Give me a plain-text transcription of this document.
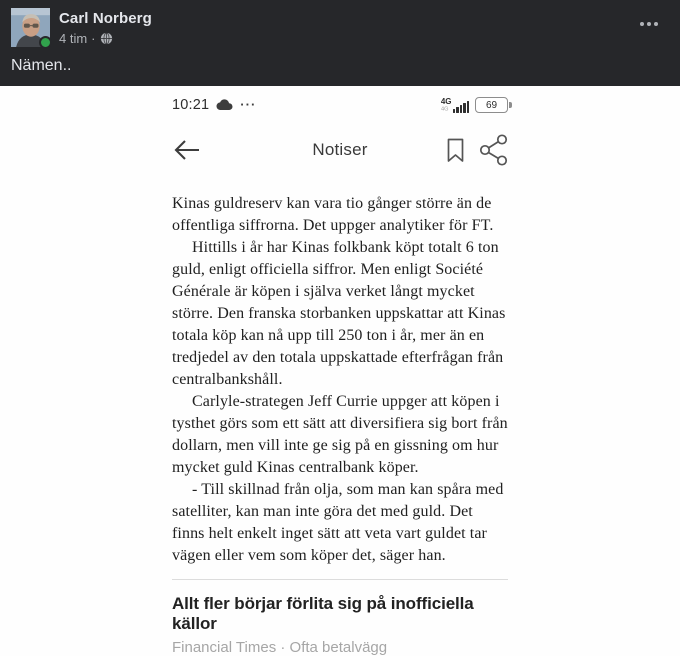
Carl Norberg
4 tim ·
Nämen..
10:21 ···	4G
4G	69
Notiser

Kinas guldreserv kan vara tio gånger större än de offentliga siffrorna. Det uppger analytiker för FT.

Hittills i år har Kinas folkbank köpt totalt 6 ton guld, enligt officiella siffror. Men enligt Société Générale är köpen i själva verket långt mycket större. Den franska storbanken uppskattar att Kinas totala köp kan nå upp till 250 ton i år, mer än en tredjedel av den totala uppskattade efterfrågan från centralbankshåll.

Carlyle-strategen Jeff Currie uppger att köpen i tysthet görs som ett sätt att diversifiera sig bort från dollarn, men vill inte ge sig på en gissning om hur mycket guld Kinas centralbank köper.

- Till skillnad från olja, som man kan spåra med satelliter, kan man inte göra det med guld. Det finns helt enkelt inget sätt att veta vart guldet tar vägen eller vem som köper det, säger han.

Allt fler börjar förlita sig på inofficiella källor
Financial Times · Ofta betalvägg
